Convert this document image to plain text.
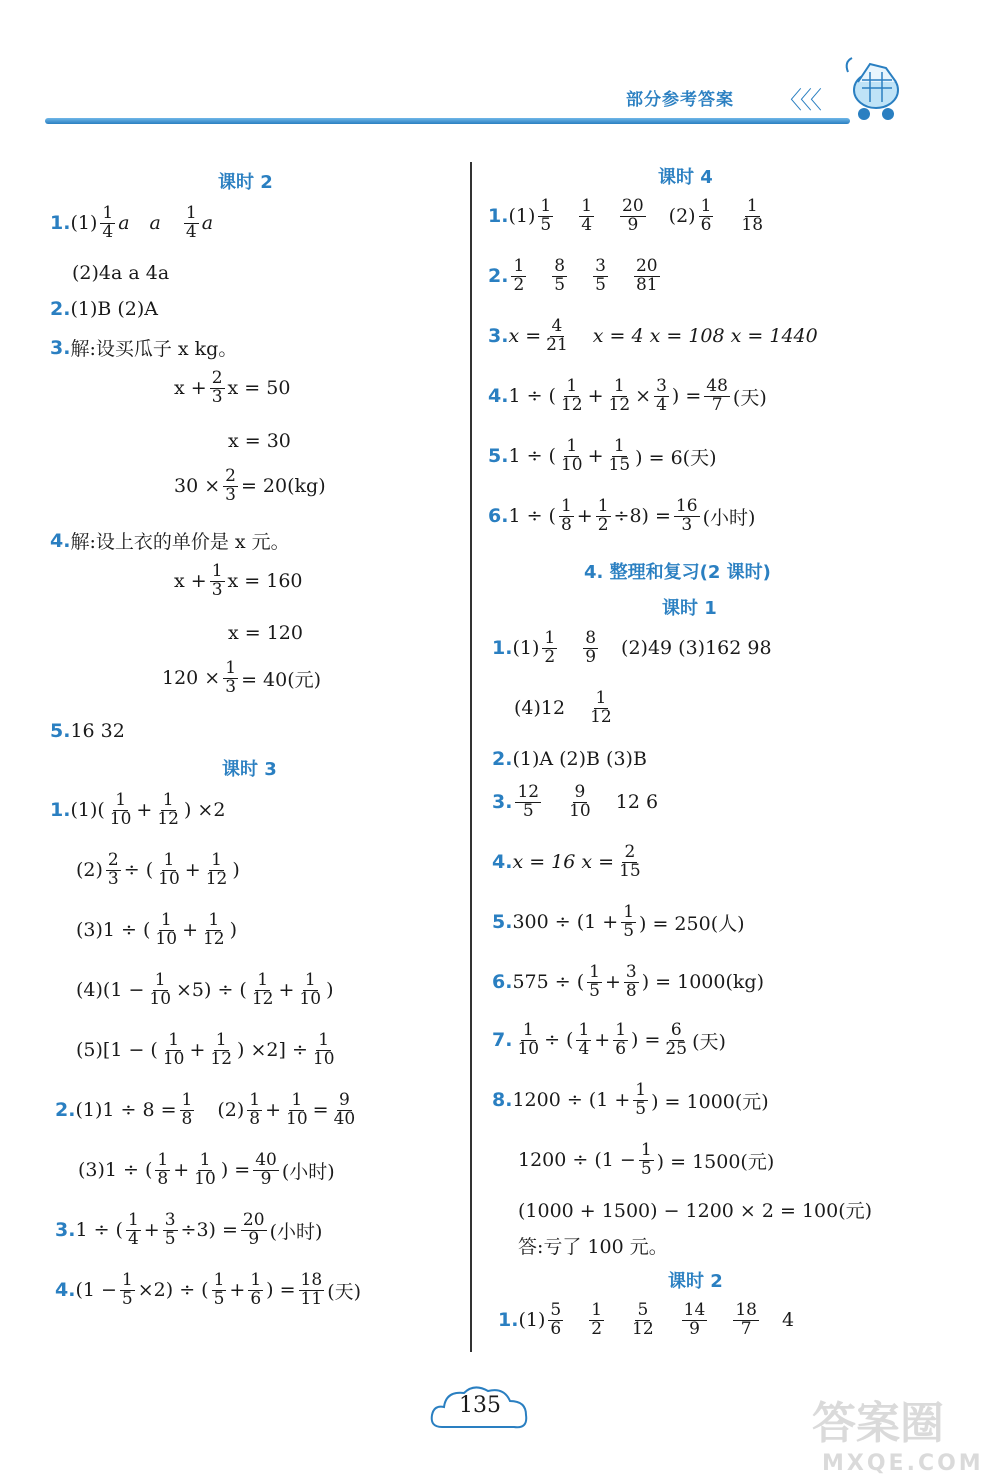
部分参考答案 〈〈〈
课时 2
1. $(1) \frac{1}{4}$ a a $\frac{1}{4}$ a
(2)4a a 4a
2. (1)B (2)A
3. 解:设买瓜子 x kg。
$x + \frac{2}{3}$ x = 50
x = 30
$30 \times \frac{2}{3} = 20(kg)$
4. 解:设上衣的单价是 x 元。
$x + \frac{1}{3}$ x = 160
x = 120
$120 \times \frac{1}{3} = 40$(元)
5. 16 32
课时 3
1. $(1)( \frac{1}{10} + \frac{1}{12}$ ) ×2
$(2) \frac{2}{3}$ ÷ ( $\frac{1}{10} + \frac{1}{12}$ )
(3)1 ÷ ( $\frac{1}{10} + \frac{1}{12}$ )
$(4)(1 - \frac{1}{10} \times 5)$ ÷ ( $\frac{1}{12} + \frac{1}{10}$ )
(5)[1 − ( $\frac{1}{10} + \frac{1}{12}$ ) $\times 2] \div \frac{1}{10}$
2. $(1)1 \div 8 = \frac{1}{8} (2) \frac{1}{8} + \frac{1}{10} = \frac{9}{40}$
(3)1 ÷ ( $\frac{1}{8} + \frac{1}{10}$ ) = $\frac{40}{9}$ (小时)
3. 1 ÷ ( $\frac{1}{4} + \frac{3}{5} \div 3) = \frac{20}{9}$ (小时)
4. $(1 - \frac{1}{5} \times 2)$ ÷ ( $\frac{1}{5} + \frac{1}{6}$ ) = $\frac{18}{11}$ (天)
课时 4
1. $(1) \frac{1}{5} \frac{1}{4} \frac{20}{9} (2) \frac{1}{6} \frac{1}{18}$
2. $\frac{1}{2} \frac{8}{5} \frac{3}{5} \frac{20}{81}$
3. $x = \frac{4}{21}$ x = 4 x = 108 x = 1440
4. 1 ÷ ( $\frac{1}{12} + \frac{1}{12} \times \frac{3}{4}$ ) = $\frac{48}{7}$ (天)
5. 1 ÷ ( $\frac{1}{10} + \frac{1}{15}$ ) = 6(天)
6. 1 ÷ ( $\frac{1}{8} + \frac{1}{2} \div 8) = \frac{16}{3}$ (小时)
4. 整理和复习(2 课时)
课时 1
1. $(1) \frac{1}{2} \frac{8}{9} (2)49$ (3)162 98
$(4)12 \frac{1}{12}$
2. (1)A (2)B (3)B
3. $\frac{12}{5} \frac{9}{10} 12$ 6
4. x = 16 $x = \frac{2}{15}$
5. $300 \div (1 + \frac{1}{5}$ ) = 250(人)
6. 575 ÷ ( $\frac{1}{5} + \frac{3}{8}$ ) = 1000(kg)
7. $\frac{1}{10}$ ÷ ( $\frac{1}{4} + \frac{1}{6}$ ) = $\frac{6}{25}$ (天)
8. $1200 \div (1 + \frac{1}{5}$ ) = 1000(元)
$1200 \div (1 - \frac{1}{5}$ ) = 1500(元)
(1000 + 1500) − 1200 × 2 = 100(元)
答:亏了 100 元。
课时 2
1. $(1) \frac{5}{6} \frac{1}{2} \frac{5}{12} \frac{14}{9} \frac{18}{7} 4$
135	答案圈
MXQE.COM
